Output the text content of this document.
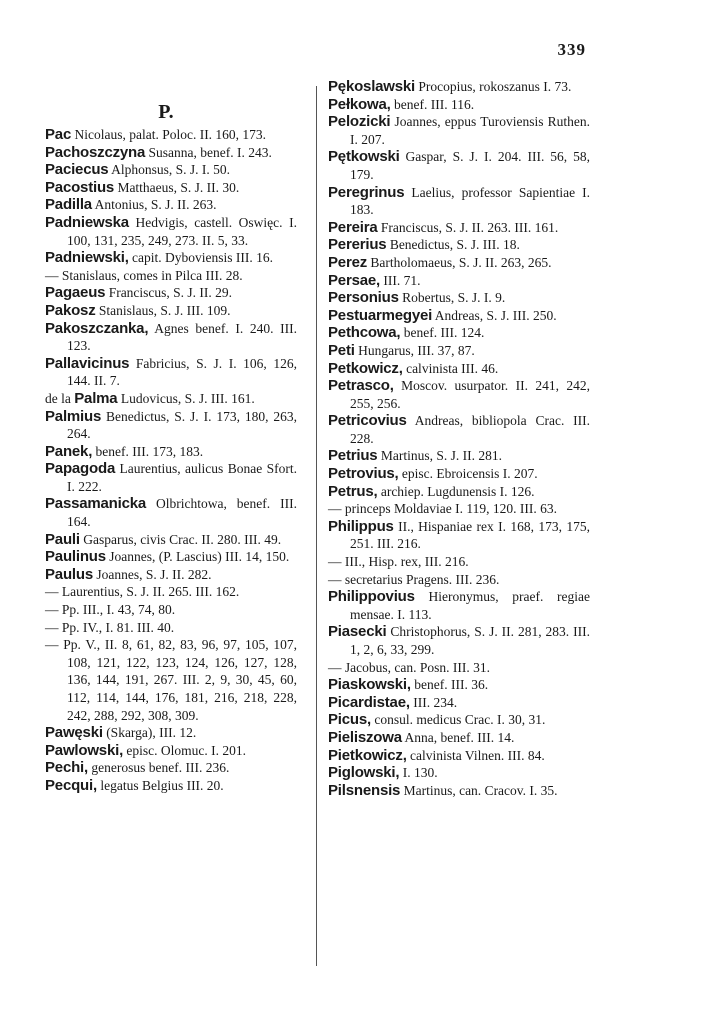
339
P.
Pac Nicolaus, palat. Poloc. II. 160, 173.
Pachoszczyna Susanna, benef. I. 243.
Paciecus Alphonsus, S. J. I. 50.
Pacostius Matthaeus, S. J. II. 30.
Padilla Antonius, S. J. II. 263.
Padniewska Hedvigis, castell. Oswięc. I. 100, 131, 235, 249, 273. II. 5, 33.
Padniewski, capit. Dyboviensis III. 16.
— Stanislaus, comes in Pilca III. 28.
Pagaeus Franciscus, S. J. II. 29.
Pakosz Stanislaus, S. J. III. 109.
Pakoszczanka, Agnes benef. I. 240. III. 123.
Pallavicinus Fabricius, S. J. I. 106, 126, 144. II. 7.
de la Palma Ludovicus, S. J. III. 161.
Palmius Benedictus, S. J. I. 173, 180, 263, 264.
Panek, benef. III. 173, 183.
Papagoda Laurentius, aulicus Bonae Sfort. I. 222.
Passamanicka Olbrichtowa, benef. III. 164.
Pauli Gasparus, civis Crac. II. 280. III. 49.
Paulinus Joannes, (P. Lascius) III. 14, 150.
Paulus Joannes, S. J. II. 282.
— Laurentius, S. J. II. 265. III. 162.
— Pp. III., I. 43, 74, 80.
— Pp. IV., I. 81. III. 40.
— Pp. V., II. 8, 61, 82, 83, 96, 97, 105, 107, 108, 121, 122, 123, 124, 126, 127, 128, 136, 144, 191, 267. III. 2, 9, 30, 45, 60, 112, 114, 144, 176, 181, 216, 218, 228, 242, 288, 292, 308, 309.
Pawęski (Skarga), III. 12.
Pawlowski, episc. Olomuc. I. 201.
Pechi, generosus benef. III. 236.
Pecqui, legatus Belgius III. 20.
Pękoslawski Procopius, rokoszanus I. 73.
Pełkowa, benef. III. 116.
Pelozicki Joannes, eppus Turoviensis Ruthen. I. 207.
Pętkowski Gaspar, S. J. I. 204. III. 56, 58, 179.
Peregrinus Laelius, professor Sapientiae I. 183.
Pereira Franciscus, S. J. II. 263. III. 161.
Pererius Benedictus, S. J. III. 18.
Perez Bartholomaeus, S. J. II. 263, 265.
Persae, III. 71.
Personius Robertus, S. J. I. 9.
Pestuarmegyei Andreas, S. J. III. 250.
Pethcowa, benef. III. 124.
Peti Hungarus, III. 37, 87.
Petkowicz, calvinista III. 46.
Petrasco, Moscov. usurpator. II. 241, 242, 255, 256.
Petricovius Andreas, bibliopola Crac. III. 228.
Petrius Martinus, S. J. II. 281.
Petrovius, episc. Ebroicensis I. 207.
Petrus, archiep. Lugdunensis I. 126.
— princeps Moldaviae I. 119, 120. III. 63.
Philippus II., Hispaniae rex I. 168, 173, 175, 251. III. 216.
— III., Hisp. rex, III. 216.
— secretarius Pragens. III. 236.
Philippovius Hieronymus, praef. regiae mensae. I. 113.
Piasecki Christophorus, S. J. II. 281, 283. III. 1, 2, 6, 33, 299.
— Jacobus, can. Posn. III. 31.
Piaskowski, benef. III. 36.
Picardistae, III. 234.
Picus, consul. medicus Crac. I. 30, 31.
Pieliszowa Anna, benef. III. 14.
Pietkowicz, calvinista Vilnen. III. 84.
Piglowski, I. 130.
Pilsnensis Martinus, can. Cracov. I. 35.
